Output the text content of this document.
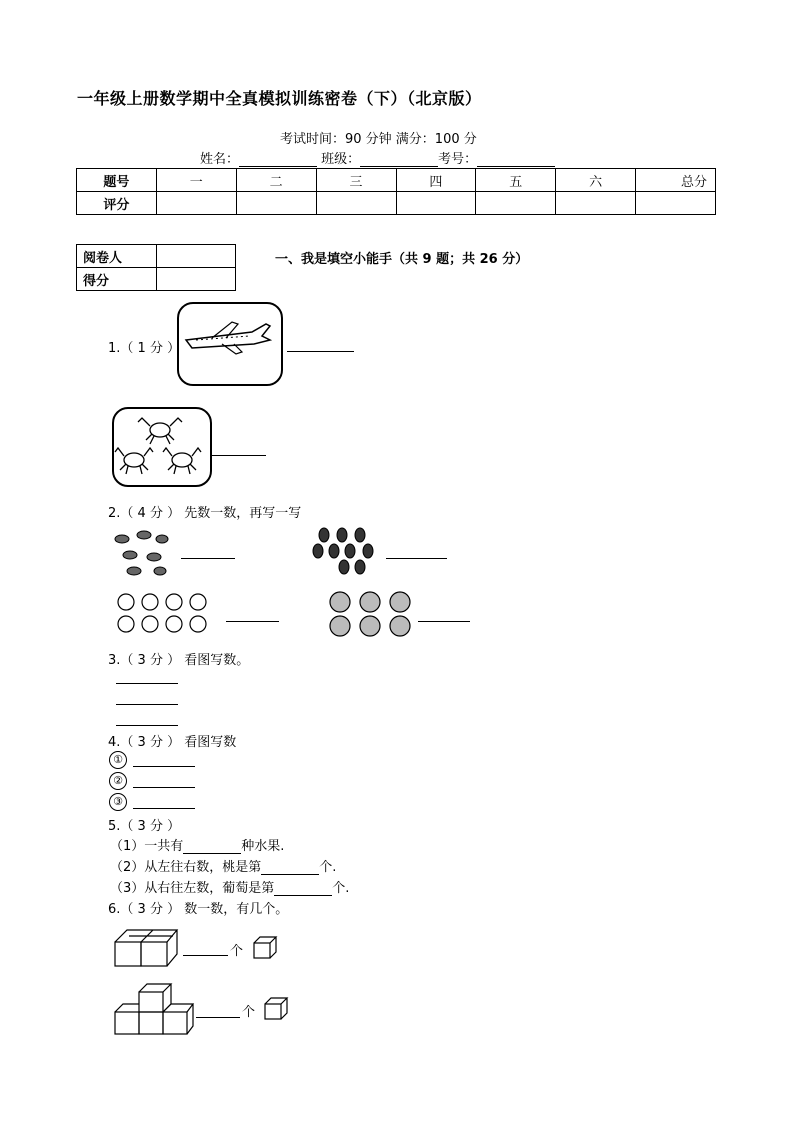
一年级上册数学期中全真模拟训练密卷（下）（北京版）
考试时间：90 分钟 满分：100 分
姓名：	班级：	考号：
题号	一	二	三	四	五	六	总分
评分							
阅卷人	
得分	
一、我是填空小能手（共 9 题；共 26 分）
1.（ 1 分 ）
2.（ 4 分 ） 先数一数，再写一写
3.（ 3 分 ） 看图写数。
4.（ 3 分 ） 看图写数
①
②
③
5.（ 3 分 ）
（1）一共有	种水果.
（2）从左往右数，桃是第	个.
（3）从右往左数，葡萄是第	个.
6.（ 3 分 ） 数一数，有几个。
个
个
